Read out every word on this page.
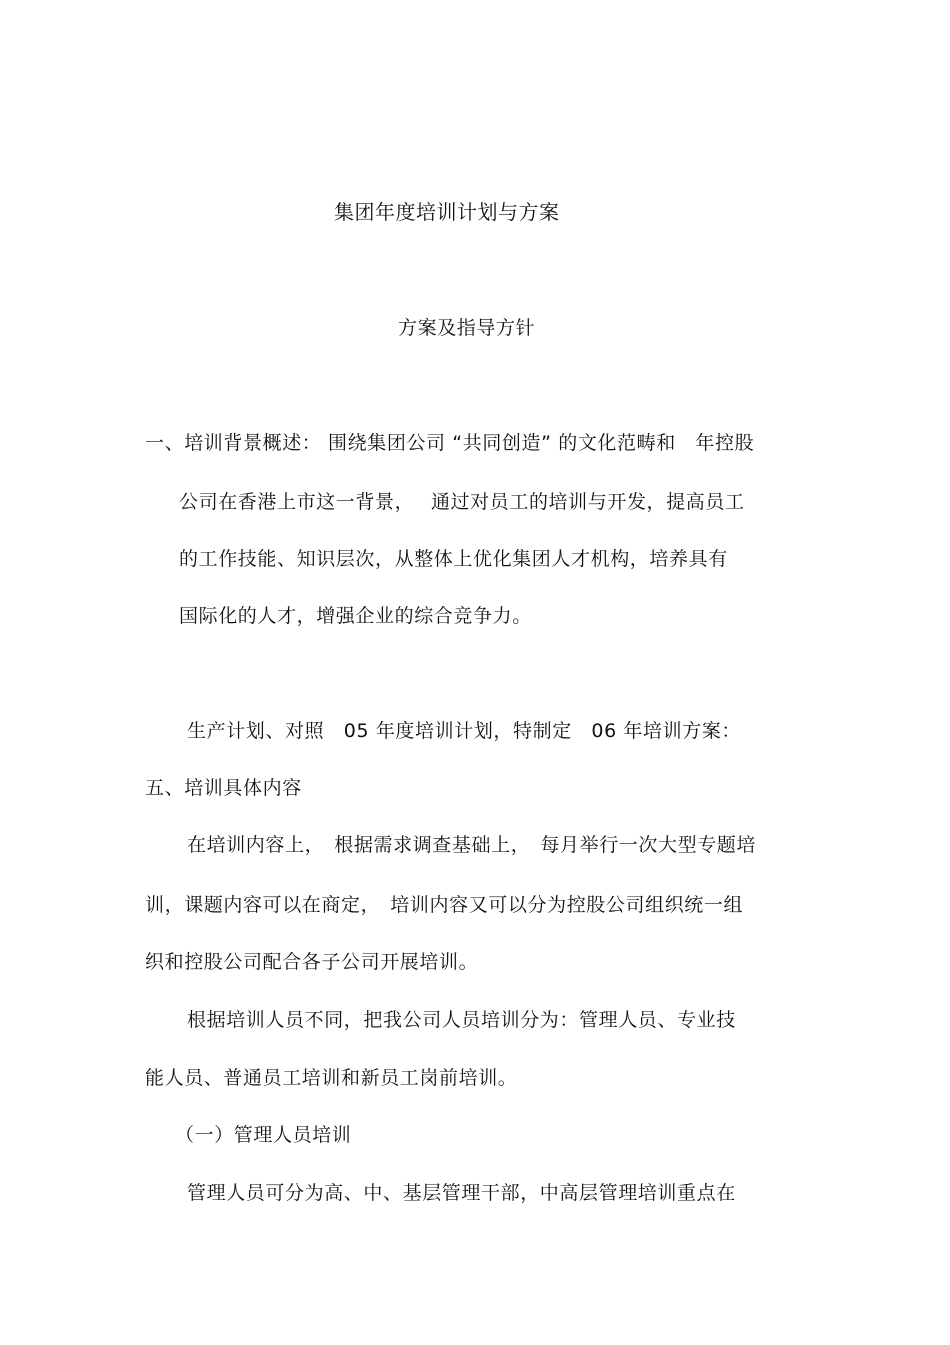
集团年度培训计划与方案
方案及指导方针
一、培训背景概述： 围绕集团公司 “共同创造” 的文化范畴和　年控股
公司在香港上市这一背景，　 通过对员工的培训与开发，提高员工
的工作技能、知识层次，从整体上优化集团人才机构，培养具有
国际化的人才，增强企业的综合竞争力。
生产计划、对照　05 年度培训计划，特制定　06 年培训方案：
五、培训具体内容
在培训内容上，　根据需求调查基础上，　每月举行一次大型专题培
训，课题内容可以在商定，　培训内容又可以分为控股公司组织统一组
织和控股公司配合各子公司开展培训。
根据培训人员不同，把我公司人员培训分为：管理人员、专业技
能人员、普通员工培训和新员工岗前培训。
（一）管理人员培训
管理人员可分为高、中、基层管理干部，中高层管理培训重点在
